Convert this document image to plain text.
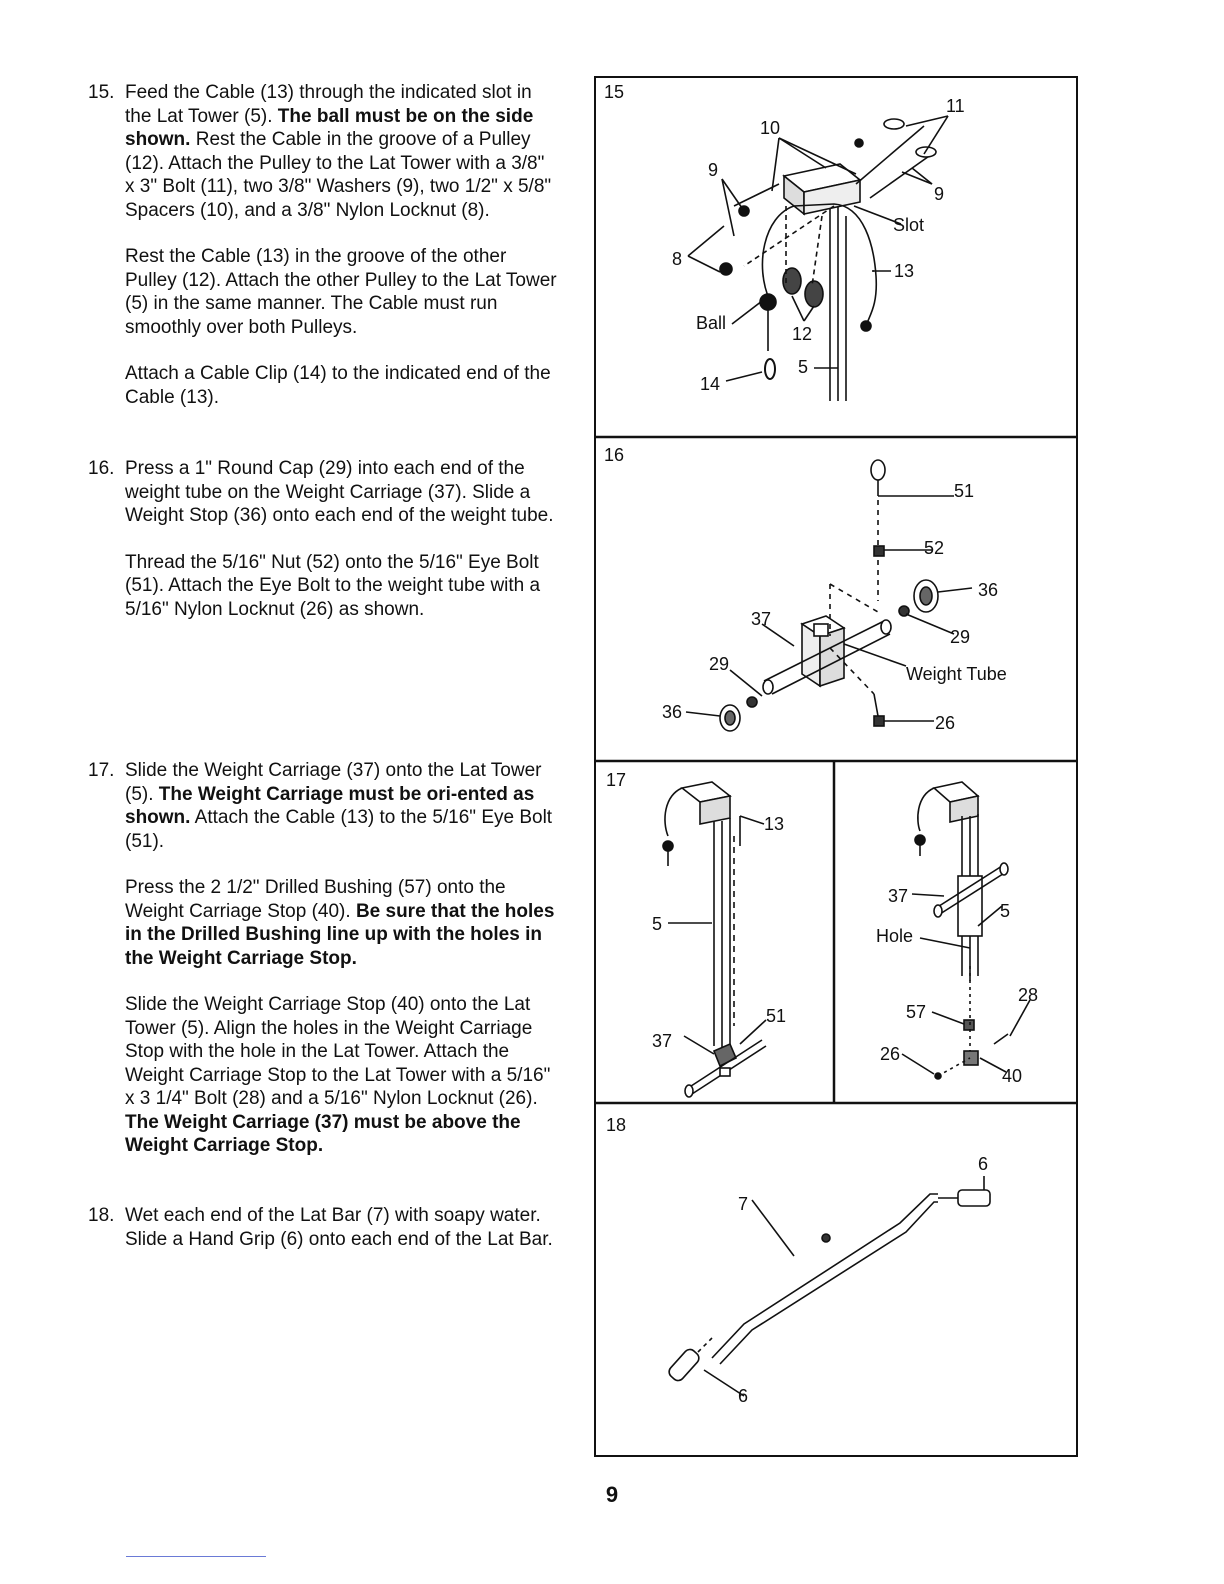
15. Feed the Cable (13) through the indicated slot in the Lat Tower (5). The ball must be on the side shown. Rest the Cable in the groove of a Pulley (12). Attach the Pulley to the Lat Tower with a 3/8" x 3" Bolt (11), two 3/8" Washers (9), two 1/2" x 5/8" Spacers (10), and a 3/8" Nylon Locknut (8).

Rest the Cable (13) in the groove of the other Pulley (12). Attach the other Pulley to the Lat Tower (5) in the same manner. The Cable must run smoothly over both Pulleys.

Attach a Cable Clip (14) to the indicated end of the Cable (13).

16. Press a 1" Round Cap (29) into each end of the weight tube on the Weight Carriage (37). Slide a Weight Stop (36) onto each end of the weight tube.

Thread the 5/16" Nut (52) onto the 5/16" Eye Bolt (51). Attach the Eye Bolt to the weight tube with a 5/16" Nylon Locknut (26) as shown.

17. Slide the Weight Carriage (37) onto the Lat Tower (5). The Weight Carriage must be ori-ented as shown. Attach the Cable (13) to the 5/16" Eye Bolt (51).

Press the 2 1/2" Drilled Bushing (57) onto the Weight Carriage Stop (40). Be sure that the holes in the Drilled Bushing line up with the holes in the Weight Carriage Stop.

Slide the Weight Carriage Stop (40) onto the Lat Tower (5). Align the holes in the Weight Carriage Stop with the hole in the Lat Tower. Attach the Weight Carriage Stop to the Lat Tower with a 5/16" x 3 1/4" Bolt (28) and a 5/16" Nylon Locknut (26). The Weight Carriage (37) must be above the Weight Carriage Stop.

18. Wet each end of the Lat Bar (7) with soapy water. Slide a Hand Grip (6) onto each end of the Lat Bar.

15
11
10
9
9
Slot
8
13
Ball
12
5
14
16
51
52
36
37
29
29
Weight Tube
36
26
17
13
5
51
37
37
5
Hole
28
57
26
40
18
6
7
6
9
